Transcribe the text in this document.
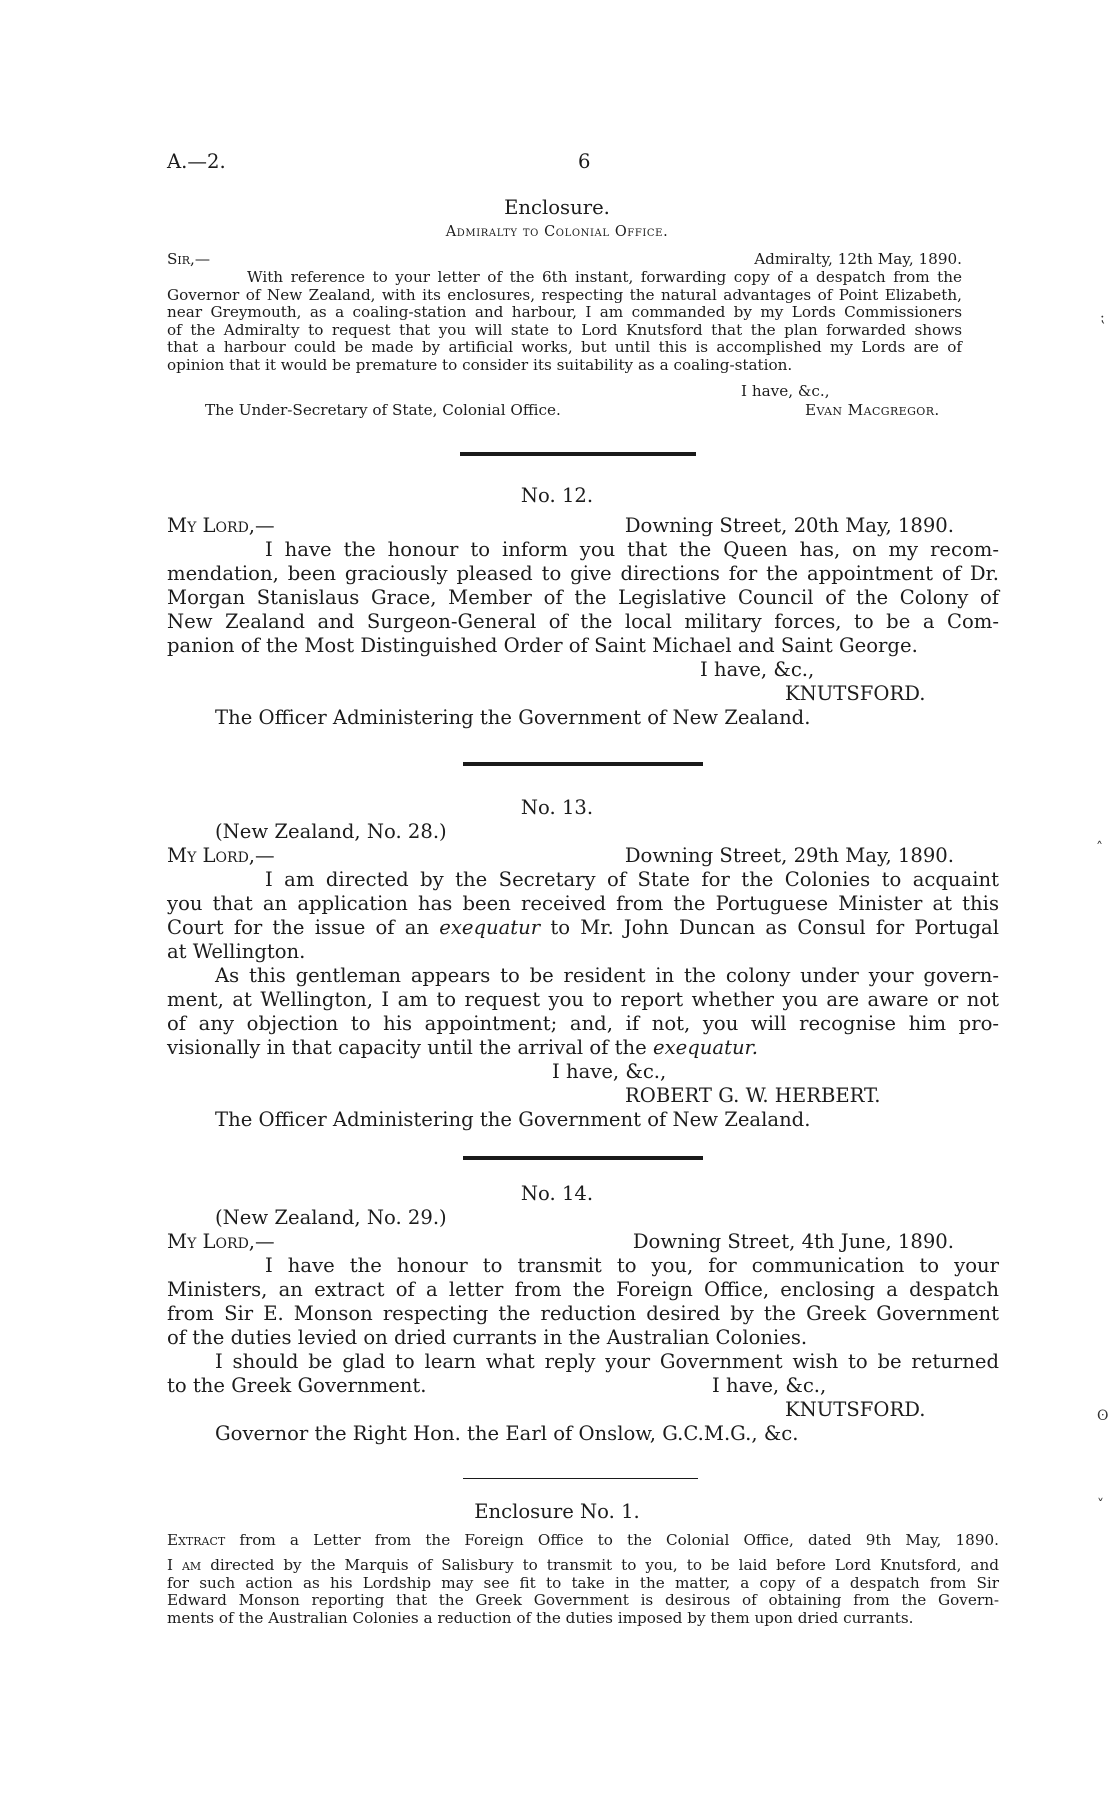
A.—2.	6
Enclosure.
Admiralty to Colonial Office.
Sir,—	Admiralty, 12th May, 1890.
With reference to your letter of the 6th instant, forwarding copy of a despatch from the
Governor of New Zealand, with its enclosures, respecting the natural advantages of Point Elizabeth,
near Greymouth, as a coaling-station and harbour, I am commanded by my Lords Commissioners
of the Admiralty to request that you will state to Lord Knutsford that the plan forwarded shows
that a harbour could be made by artificial works, but until this is accomplished my Lords are of
opinion that it would be premature to consider its suitability as a coaling-station.
I have, &c.,
The Under-Secretary of State, Colonial Office.	Evan Macgregor.
No. 12.
My Lord,—	Downing Street, 20th May, 1890.
I have the honour to inform you that the Queen has, on my recom-
mendation, been graciously pleased to give directions for the appointment of Dr.
Morgan Stanislaus Grace, Member of the Legislative Council of the Colony of
New Zealand and Surgeon-General of the local military forces, to be a Com-
panion of the Most Distinguished Order of Saint Michael and Saint George.
I have, &c.,
KNUTSFORD.
The Officer Administering the Government of New Zealand.
No. 13.
(New Zealand, No. 28.)
My Lord,—	Downing Street, 29th May, 1890.
I am directed by the Secretary of State for the Colonies to acquaint
you that an application has been received from the Portuguese Minister at this
Court for the issue of an exequatur to Mr. John Duncan as Consul for Portugal
at Wellington.
As this gentleman appears to be resident in the colony under your govern-
ment, at Wellington, I am to request you to report whether you are aware or not
of any objection to his appointment; and, if not, you will recognise him pro-
visionally in that capacity until the arrival of the exequatur.
I have, &c.,
ROBERT G. W. HERBERT.
The Officer Administering the Government of New Zealand.
No. 14.
(New Zealand, No. 29.)
My Lord,—	Downing Street, 4th June, 1890.
I have the honour to transmit to you, for communication to your
Ministers, an extract of a letter from the Foreign Office, enclosing a despatch
from Sir E. Monson respecting the reduction desired by the Greek Government
of the duties levied on dried currants in the Australian Colonies.
I should be glad to learn what reply your Government wish to be returned
to the Greek Government.	I have, &c.,
KNUTSFORD.
Governor the Right Hon. the Earl of Onslow, G.C.M.G., &c.
Enclosure No. 1.
Extract from a Letter from the Foreign Office to the Colonial Office, dated 9th May, 1890.
I am directed by the Marquis of Salisbury to transmit to you, to be laid before Lord Knutsford, and
for such action as his Lordship may see fit to take in the matter, a copy of a despatch from Sir
Edward Monson reporting that the Greek Government is desirous of obtaining from the Govern-
ments of the Australian Colonies a reduction of the duties imposed by them upon dried currants.
⁏
˄
ʘ
˅
